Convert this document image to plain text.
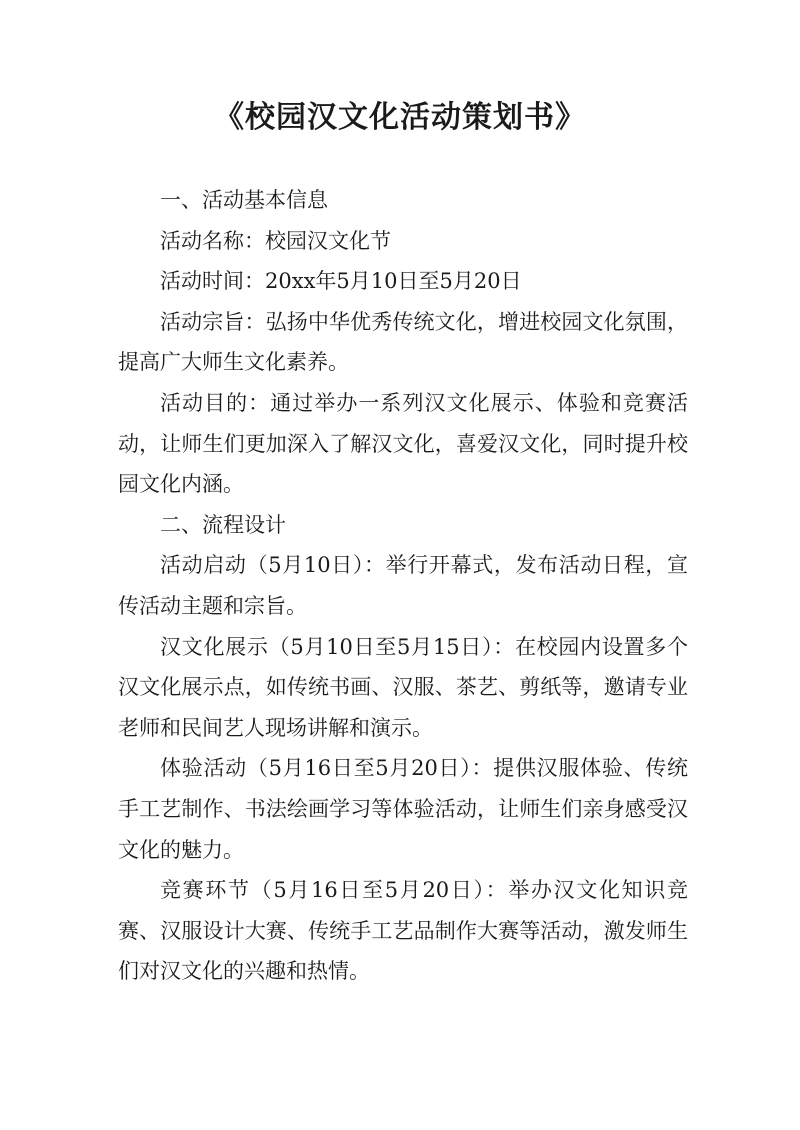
《校园汉文化活动策划书》

一、活动基本信息

活动名称：校园汉文化节

活动时间：20xx年5月10日至5月20日

活动宗旨：弘扬中华优秀传统文化，增进校园文化氛围，提高广大师生文化素养。

活动目的：通过举办一系列汉文化展示、体验和竞赛活动，让师生们更加深入了解汉文化，喜爱汉文化，同时提升校园文化内涵。

二、流程设计

活动启动（5月10日）：举行开幕式，发布活动日程，宣传活动主题和宗旨。

汉文化展示（5月10日至5月15日）：在校园内设置多个汉文化展示点，如传统书画、汉服、茶艺、剪纸等，邀请专业老师和民间艺人现场讲解和演示。

体验活动（5月16日至5月20日）：提供汉服体验、传统手工艺制作、书法绘画学习等体验活动，让师生们亲身感受汉文化的魅力。

竞赛环节（5月16日至5月20日）：举办汉文化知识竞赛、汉服设计大赛、传统手工艺品制作大赛等活动，激发师生们对汉文化的兴趣和热情。
